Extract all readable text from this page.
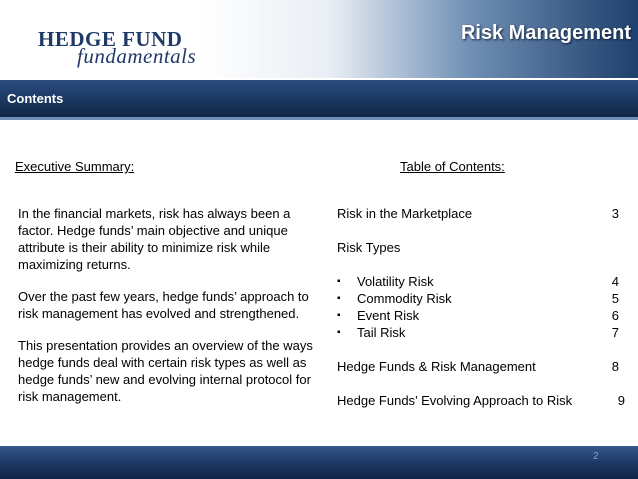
HEDGE FUND
fundamentals
Risk Management
Contents
Executive Summary:	Table of Contents:

In the financial markets, risk has always been a factor. Hedge funds’ main objective and unique attribute is their ability to minimize risk while maximizing returns.

Over the past few years, hedge funds’ approach to risk management has evolved and strengthened.

This presentation provides an overview of the ways hedge funds deal with certain risk types as well as hedge funds’ new and evolving internal protocol for risk management.

Risk in the Marketplace	3
Risk Types
▪ Volatility Risk	4
▪ Commodity Risk	5
▪ Event Risk	6
▪ Tail Risk	7
Hedge Funds & Risk Management	8
Hedge Funds’ Evolving Approach to Risk	9
2
